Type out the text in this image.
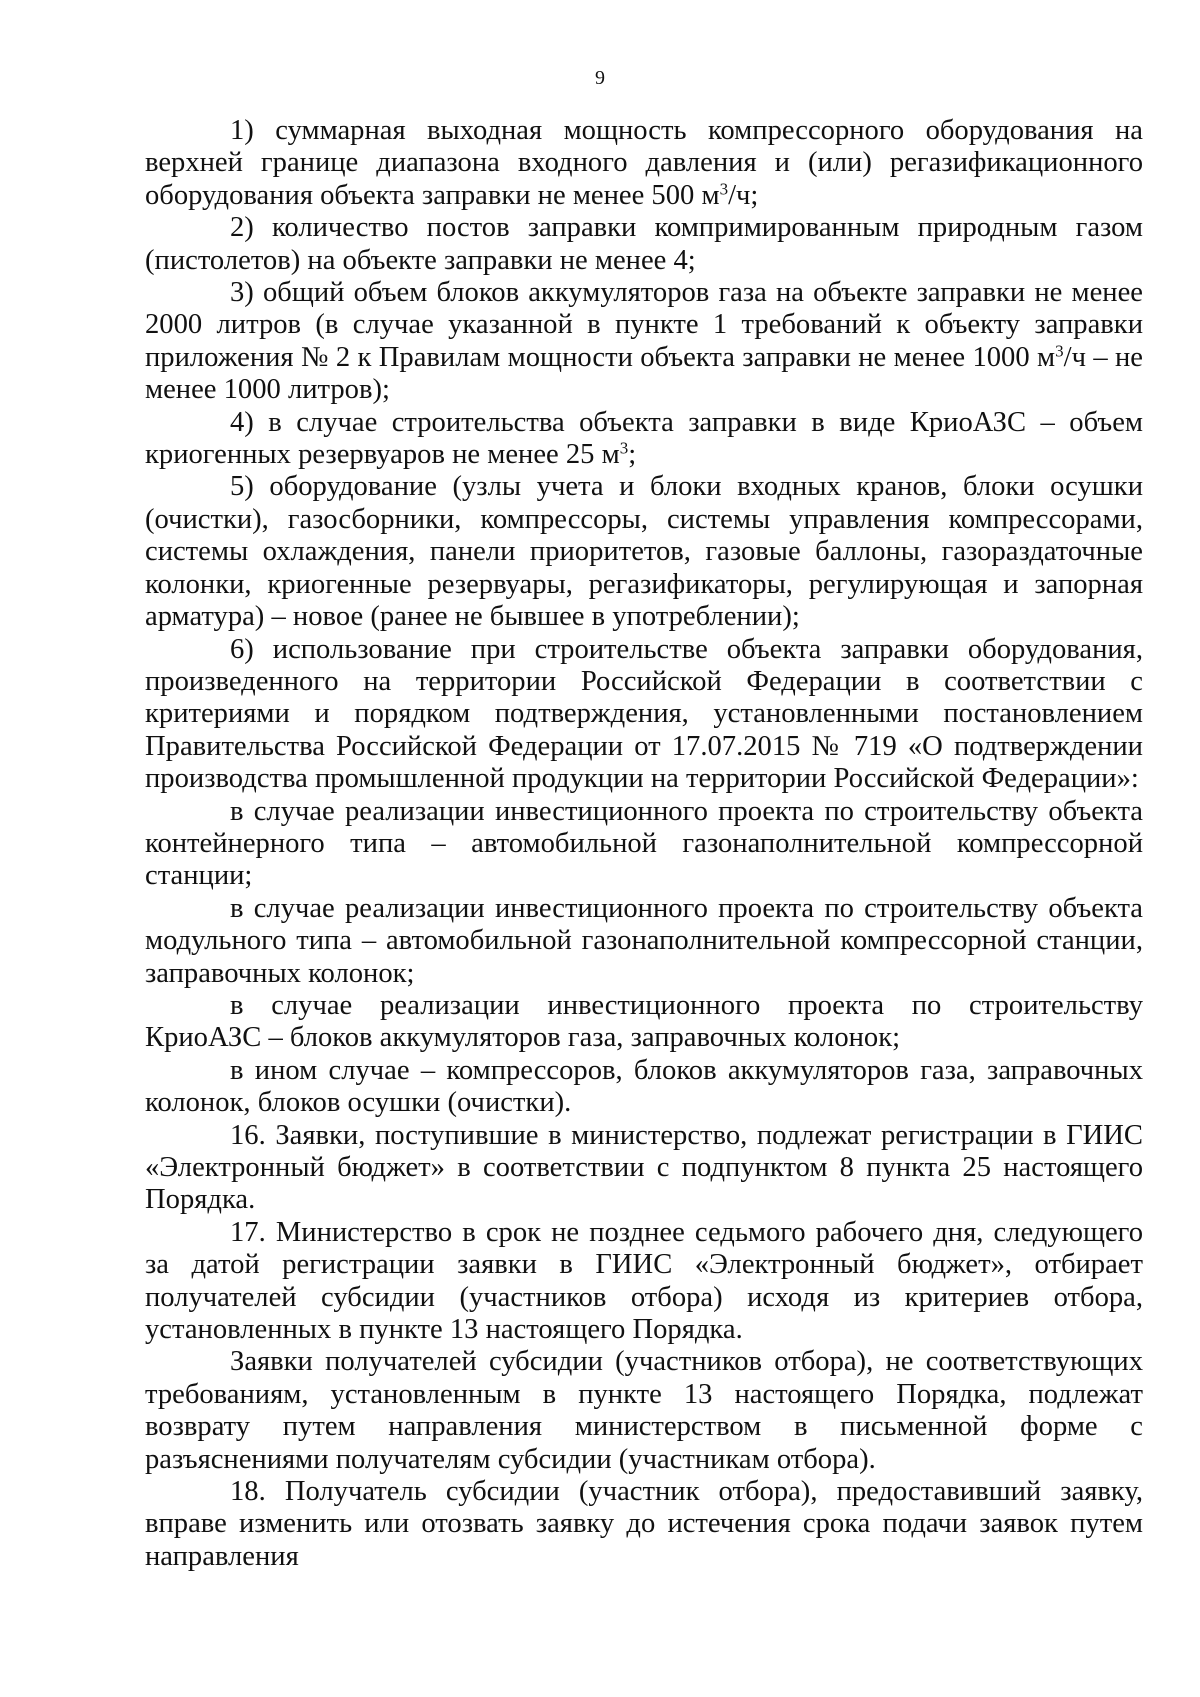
9

1) суммарная выходная мощность компрессорного оборудования на верхней границе диапазона входного давления и (или) регазификационного оборудования объекта заправки не менее 500 $м^3/ч$;

2) количество постов заправки компримированным природным газом (пистолетов) на объекте заправки не менее 4;

3) общий объем блоков аккумуляторов газа на объекте заправки не менее 2000 литров (в случае указанной в пункте 1 требований к объекту заправки приложения № 2 к Правилам мощности объекта заправки не менее 1000 $м^3/ч$ – не менее 1000 литров);

4) в случае строительства объекта заправки в виде КриоАЗС – объем криогенных резервуаров не менее 25 $м^3$;

5) оборудование (узлы учета и блоки входных кранов, блоки осушки (очистки), газосборники, компрессоры, системы управления компрессорами, системы охлаждения, панели приоритетов, газовые баллоны, газораздаточные колонки, криогенные резервуары, регазификаторы, регулирующая и запорная арматура) – новое (ранее не бывшее в употреблении);

6) использование при строительстве объекта заправки оборудования, произведенного на территории Российской Федерации в соответствии с критериями и порядком подтверждения, установленными постановлением Правительства Российской Федерации от 17.07.2015 № 719 «О подтверждении производства промышленной продукции на территории Российской Федерации»:

в случае реализации инвестиционного проекта по строительству объекта контейнерного типа – автомобильной газонаполнительной компрессорной станции;

в случае реализации инвестиционного проекта по строительству объекта модульного типа – автомобильной газонаполнительной компрессорной станции, заправочных колонок;

в случае реализации инвестиционного проекта по строительству КриоАЗС – блоков аккумуляторов газа, заправочных колонок;

в ином случае – компрессоров, блоков аккумуляторов газа, заправочных колонок, блоков осушки (очистки).

16. Заявки, поступившие в министерство, подлежат регистрации в ГИИС «Электронный бюджет» в соответствии с подпунктом 8 пункта 25 настоящего Порядка.

17. Министерство в срок не позднее седьмого рабочего дня, следующего за датой регистрации заявки в ГИИС «Электронный бюджет», отбирает получателей субсидии (участников отбора) исходя из критериев отбора, установленных в пункте 13 настоящего Порядка.

Заявки получателей субсидии (участников отбора), не соответствующих требованиям, установленным в пункте 13 настоящего Порядка, подлежат возврату путем направления министерством в письменной форме с разъяснениями получателям субсидии (участникам отбора).

18. Получатель субсидии (участник отбора), предоставивший заявку, вправе изменить или отозвать заявку до истечения срока подачи заявок путем направления
